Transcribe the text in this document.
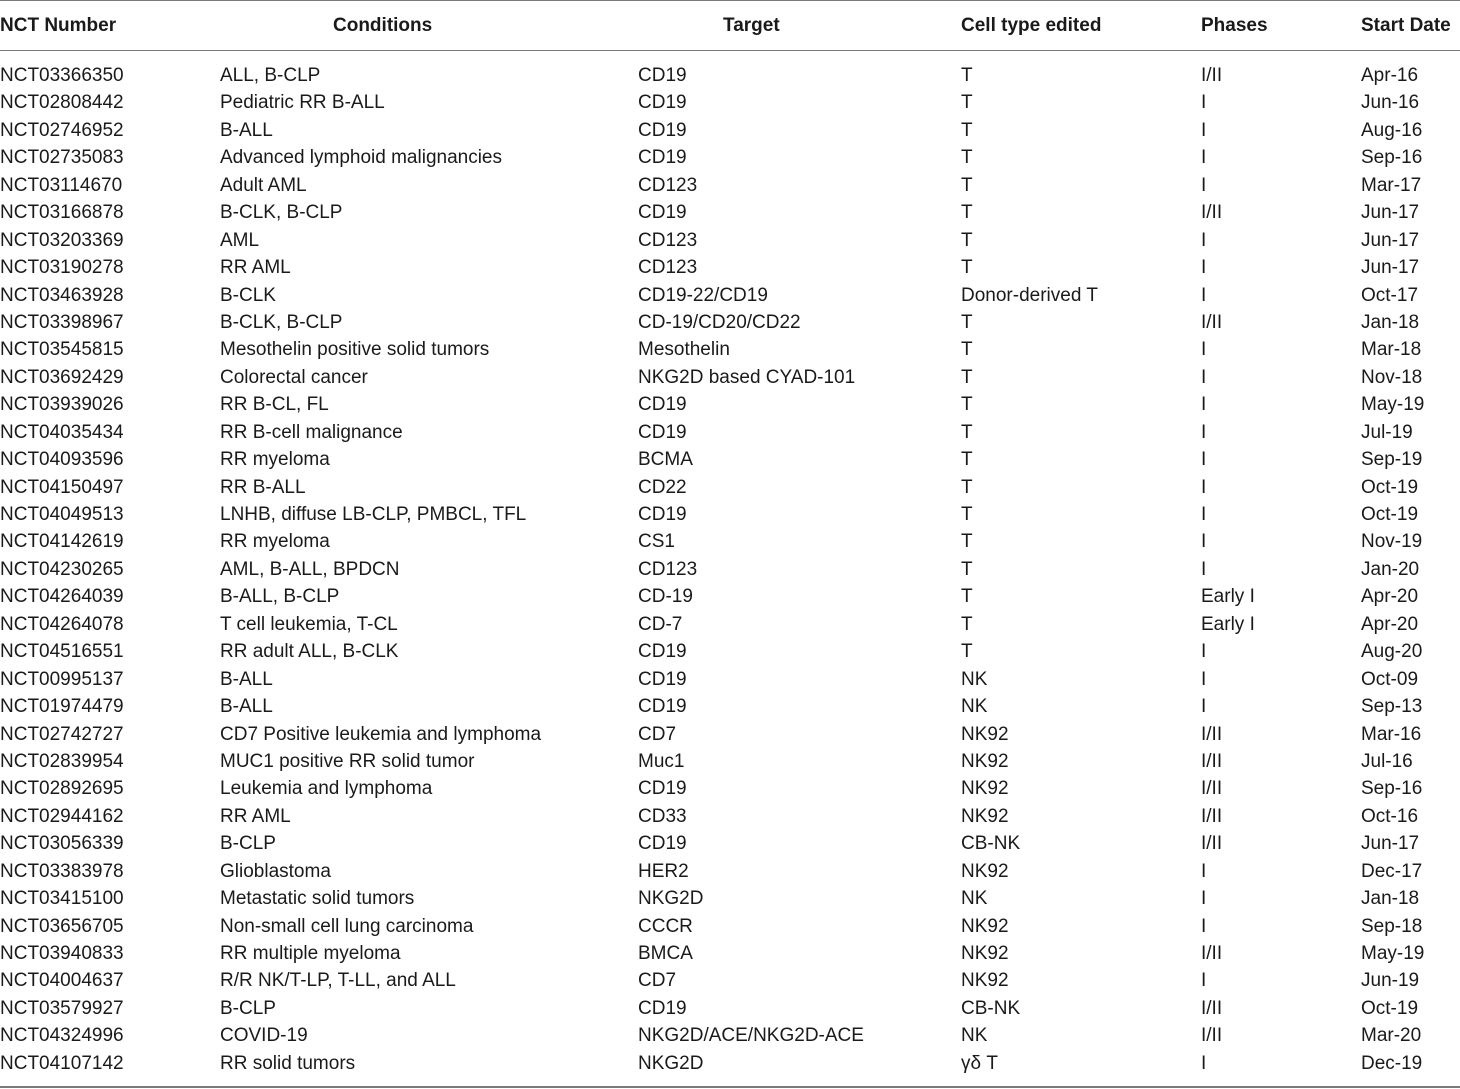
NCT Number	Conditions	Target	Cell type edited	Phases	Start Date
NCT03366350	ALL, B-CLP	CD19	T	I/II	Apr-16
NCT02808442	Pediatric RR B-ALL	CD19	T	I	Jun-16
NCT02746952	B-ALL	CD19	T	I	Aug-16
NCT02735083	Advanced lymphoid malignancies	CD19	T	I	Sep-16
NCT03114670	Adult AML	CD123	T	I	Mar-17
NCT03166878	B-CLK, B-CLP	CD19	T	I/II	Jun-17
NCT03203369	AML	CD123	T	I	Jun-17
NCT03190278	RR AML	CD123	T	I	Jun-17
NCT03463928	B-CLK	CD19-22/CD19	Donor-derived T	I	Oct-17
NCT03398967	B-CLK, B-CLP	CD-19/CD20/CD22	T	I/II	Jan-18
NCT03545815	Mesothelin positive solid tumors	Mesothelin	T	I	Mar-18
NCT03692429	Colorectal cancer	NKG2D based CYAD-101	T	I	Nov-18
NCT03939026	RR B-CL, FL	CD19	T	I	May-19
NCT04035434	RR B-cell malignance	CD19	T	I	Jul-19
NCT04093596	RR myeloma	BCMA	T	I	Sep-19
NCT04150497	RR B-ALL	CD22	T	I	Oct-19
NCT04049513	LNHB, diffuse LB-CLP, PMBCL, TFL	CD19	T	I	Oct-19
NCT04142619	RR myeloma	CS1	T	I	Nov-19
NCT04230265	AML, B-ALL, BPDCN	CD123	T	I	Jan-20
NCT04264039	B-ALL, B-CLP	CD-19	T	Early I	Apr-20
NCT04264078	T cell leukemia, T-CL	CD-7	T	Early I	Apr-20
NCT04516551	RR adult ALL, B-CLK	CD19	T	I	Aug-20
NCT00995137	B-ALL	CD19	NK	I	Oct-09
NCT01974479	B-ALL	CD19	NK	I	Sep-13
NCT02742727	CD7 Positive leukemia and lymphoma	CD7	NK92	I/II	Mar-16
NCT02839954	MUC1 positive RR solid tumor	Muc1	NK92	I/II	Jul-16
NCT02892695	Leukemia and lymphoma	CD19	NK92	I/II	Sep-16
NCT02944162	RR AML	CD33	NK92	I/II	Oct-16
NCT03056339	B-CLP	CD19	CB-NK	I/II	Jun-17
NCT03383978	Glioblastoma	HER2	NK92	I	Dec-17
NCT03415100	Metastatic solid tumors	NKG2D	NK	I	Jan-18
NCT03656705	Non-small cell lung carcinoma	CCCR	NK92	I	Sep-18
NCT03940833	RR multiple myeloma	BMCA	NK92	I/II	May-19
NCT04004637	R/R NK/T-LP, T-LL, and ALL	CD7	NK92	I	Jun-19
NCT03579927	B-CLP	CD19	CB-NK	I/II	Oct-19
NCT04324996	COVID-19	NKG2D/ACE/NKG2D-ACE	NK	I/II	Mar-20
NCT04107142	RR solid tumors	NKG2D	γδ T	I	Dec-19
